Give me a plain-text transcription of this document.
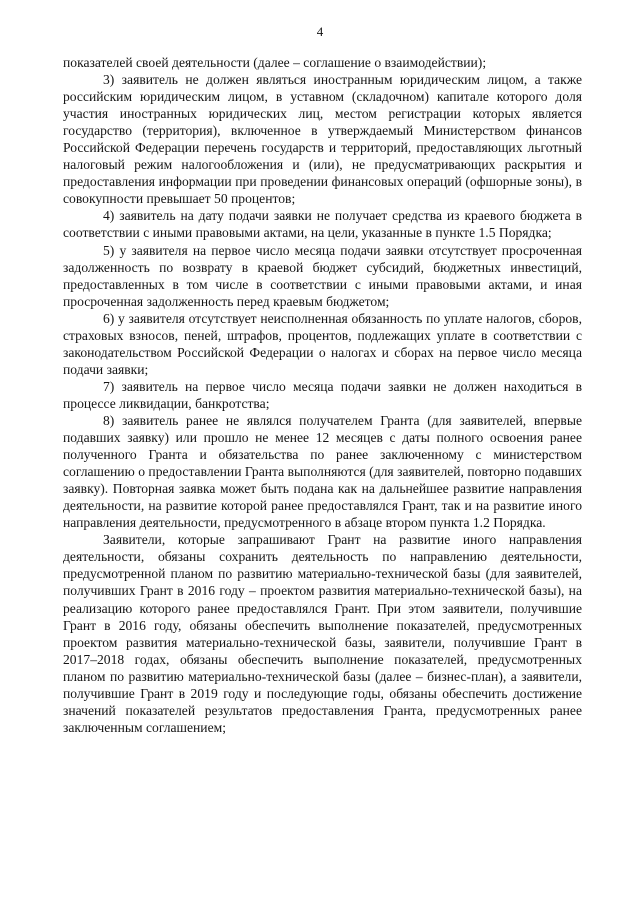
4

показателей своей деятельности (далее – соглашение о взаимодействии);

3) заявитель не должен являться иностранным юридическим лицом, а также российским юридическим лицом, в уставном (складочном) капитале которого доля участия иностранных юридических лиц, местом регистрации которых является государство (территория), включенное в утверждаемый Министерством финансов Российской Федерации перечень государств и территорий, предоставляющих льготный налоговый режим налогообложения и (или), не предусматривающих раскрытия и предоставления информации при проведении финансовых операций (офшорные зоны), в совокупности превышает 50 процентов;

4) заявитель на дату подачи заявки не получает средства из краевого бюджета в соответствии с иными правовыми актами, на цели, указанные в пункте 1.5 Порядка;

5) у заявителя на первое число месяца подачи заявки отсутствует просроченная задолженность по возврату в краевой бюджет субсидий, бюджетных инвестиций, предоставленных в том числе в соответствии с иными правовыми актами, и иная просроченная задолженность перед краевым бюджетом;

6) у заявителя отсутствует неисполненная обязанность по уплате налогов, сборов, страховых взносов, пеней, штрафов, процентов, подлежащих уплате в соответствии с законодательством Российской Федерации о налогах и сборах на первое число месяца подачи заявки;

7) заявитель на первое число месяца подачи заявки не должен находиться в процессе ликвидации, банкротства;

8) заявитель ранее не являлся получателем Гранта (для заявителей, впервые подавших заявку) или прошло не менее 12 месяцев с даты полного освоения ранее полученного Гранта и обязательства по ранее заключенному с министерством соглашению о предоставлении Гранта выполняются (для заявителей, повторно подавших заявку). Повторная заявка может быть подана как на дальнейшее развитие направления деятельности, на развитие которой ранее предоставлялся Грант, так и на развитие иного направления деятельности, предусмотренного в абзаце втором пункта 1.2 Порядка.

Заявители, которые запрашивают Грант на развитие иного направления деятельности, обязаны сохранить деятельность по направлению деятельности, предусмотренной планом по развитию материально-технической базы (для заявителей, получивших Грант в 2016 году – проектом развития материально-технической базы), на реализацию которого ранее предоставлялся Грант. При этом заявители, получившие Грант в 2016 году, обязаны обеспечить выполнение показателей, предусмотренных проектом развития материально-технической базы, заявители, получившие Грант в 2017–2018 годах, обязаны обеспечить выполнение показателей, предусмотренных планом по развитию материально-технической базы (далее – бизнес-план), а заявители, получившие Грант в 2019 году и последующие годы, обязаны обеспечить достижение значений показателей результатов предоставления Гранта, предусмотренных ранее заключенным соглашением;
